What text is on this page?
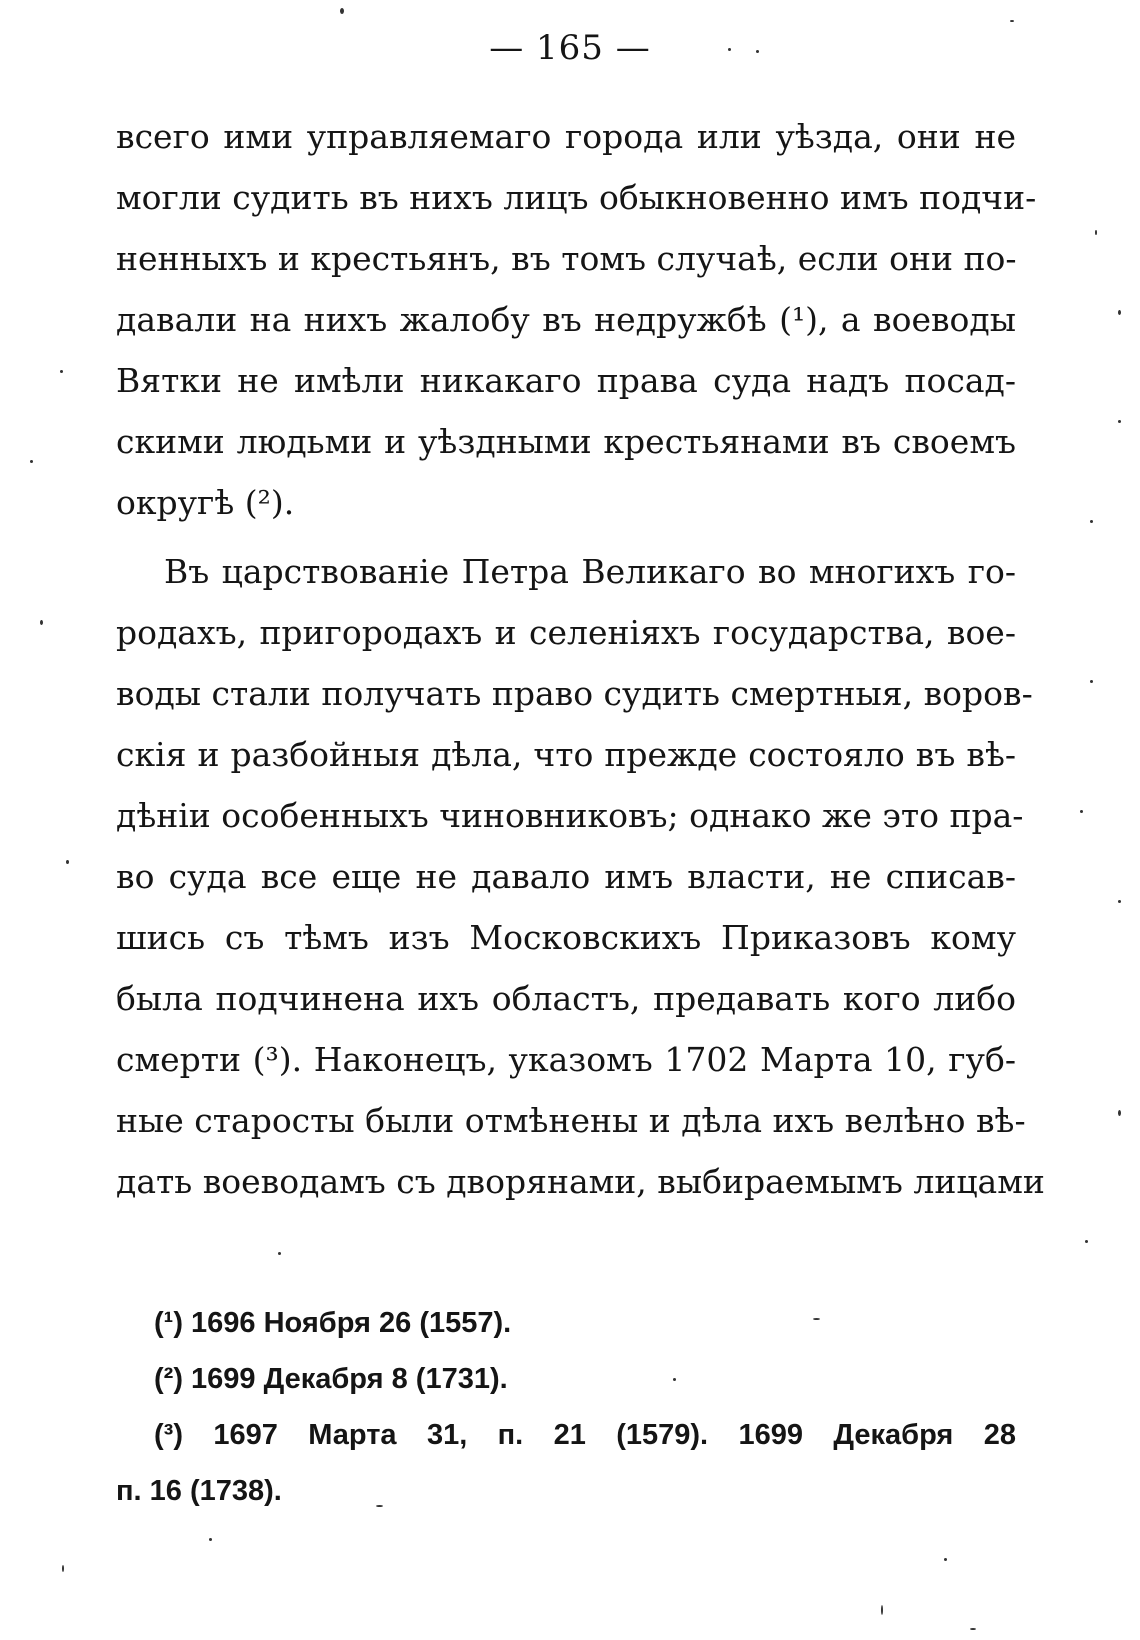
— 165 —
всего ими управляемаго города или уѣзда, они не
могли судить въ нихъ лицъ обыкновенно имъ подчи-
ненныхъ и крестьянъ, въ томъ случаѣ, если они по-
давали на нихъ жалобу въ недружбѣ (¹), а воеводы
Вятки не имѣли никакаго права суда надъ посад-
скими людьми и уѣздными крестьянами въ своемъ
округѣ (²).
Въ царствованіе Петра Великаго во многихъ го-
родахъ, пригородахъ и селеніяхъ государства, вое-
воды стали получать право судить смертныя, воров-
скія и разбойныя дѣла, что прежде состояло въ вѣ-
дѣніи особенныхъ чиновниковъ; однако же это пра-
во суда все еще не давало имъ власти, не списав-
шись съ тѣмъ изъ Московскихъ Приказовъ кому
была подчинена ихъ областъ, предавать кого либо
смерти (³). Наконецъ, указомъ 1702 Марта 10, губ-
ные старосты были отмѣнены и дѣла ихъ велѣно вѣ-
дать воеводамъ съ дворянами, выбираемымъ лицами
(¹) 1696 Ноября 26 (1557).
(²) 1699 Декабря 8 (1731).
(³) 1697 Марта 31, п. 21 (1579). 1699 Декабря 28
п. 16 (1738).
